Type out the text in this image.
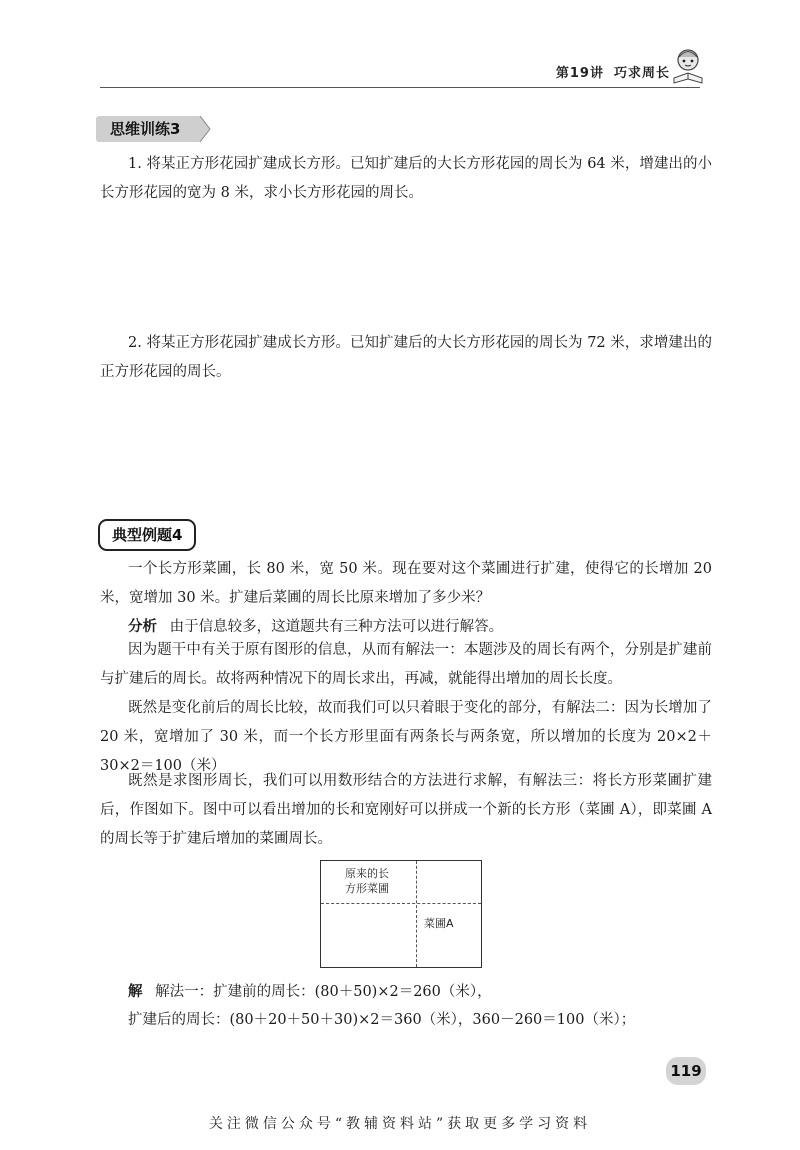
第19讲 巧求周长
思维训练3
1. 将某正方形花园扩建成长方形。已知扩建后的大长方形花园的周长为 64 米，增建出的小长方形花园的宽为 8 米，求小长方形花园的周长。
2. 将某正方形花园扩建成长方形。已知扩建后的大长方形花园的周长为 72 米，求增建出的正方形花园的周长。
典型例题4
一个长方形菜圃，长 80 米，宽 50 米。现在要对这个菜圃进行扩建，使得它的长增加 20 米，宽增加 30 米。扩建后菜圃的周长比原来增加了多少米？
分析 由于信息较多，这道题共有三种方法可以进行解答。
因为题干中有关于原有图形的信息，从而有解法一：本题涉及的周长有两个，分别是扩建前与扩建后的周长。故将两种情况下的周长求出，再减，就能得出增加的周长长度。
既然是变化前后的周长比较，故而我们可以只着眼于变化的部分，有解法二：因为长增加了 20 米，宽增加了 30 米，而一个长方形里面有两条长与两条宽，所以增加的长度为 20×2＋30×2＝100（米）
既然是求图形周长，我们可以用数形结合的方法进行求解，有解法三：将长方形菜圃扩建后，作图如下。图中可以看出增加的长和宽刚好可以拼成一个新的长方形（菜圃 A），即菜圃 A 的周长等于扩建后增加的菜圃周长。
原来的长
方形菜圃
菜圃A
解 解法一：扩建前的周长：(80＋50)×2＝260（米），
扩建后的周长：(80＋20＋50＋30)×2＝360（米），360－260＝100（米）；
119
关注微信公众号“教辅资料站”获取更多学习资料
